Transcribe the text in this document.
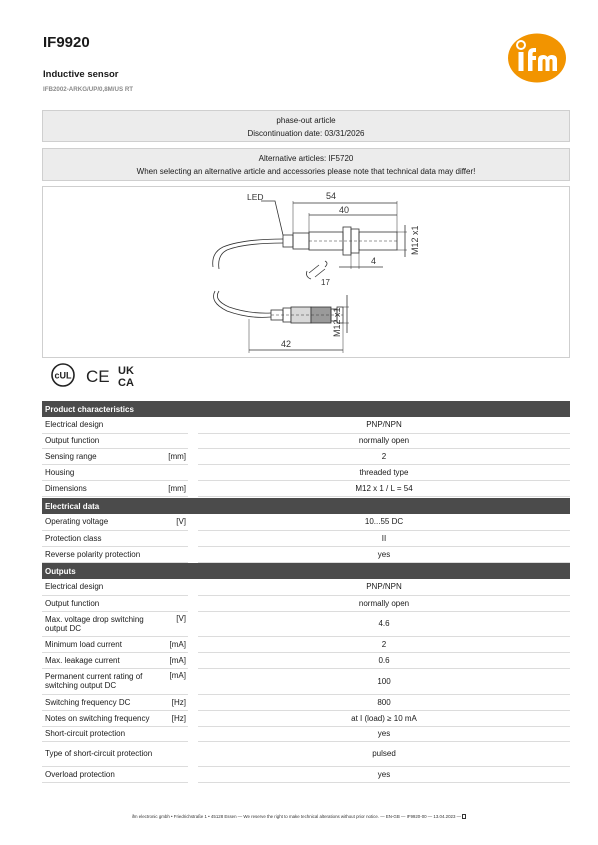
IF9920
Inductive sensor
IFB2002-ARKG/UP/0,8M/US RT
phase-out article
Discontinuation date: 03/31/2026
Alternative articles: IF5720
When selecting an alternative article and accessories please note that technical data may differ!
LED	54
40
M12 x1
4
17
M12 x1
42
cUL CE UK
CA
Product characteristics			
Electrical design			PNP/NPN
Output function			normally open
Sensing range	[mm]		2
Housing			threaded type
Dimensions	[mm]		M12 x 1 / L = 54
Electrical data			
Operating voltage	[V]		10...55 DC
Protection class			II
Reverse polarity protection			yes
Outputs			
Electrical design			PNP/NPN
Output function			normally open
Max. voltage drop switching output DC	[V]		4.6
Minimum load current	[mA]		2
Max. leakage current	[mA]		0.6
Permanent current rating of switching output DC	[mA]		100
Switching frequency DC	[Hz]		800
Notes on switching frequency	[Hz]		at I (load) ≥ 10 mA
Short-circuit protection			yes
Type of short-circuit protection			pulsed
Overload protection			yes
ifm electronic gmbh • Friedrichstraße 1 • 45128 Essen — We reserve the right to make technical alterations without prior notice. — EN-GB — IF9920-00 — 13.04.2023 —
